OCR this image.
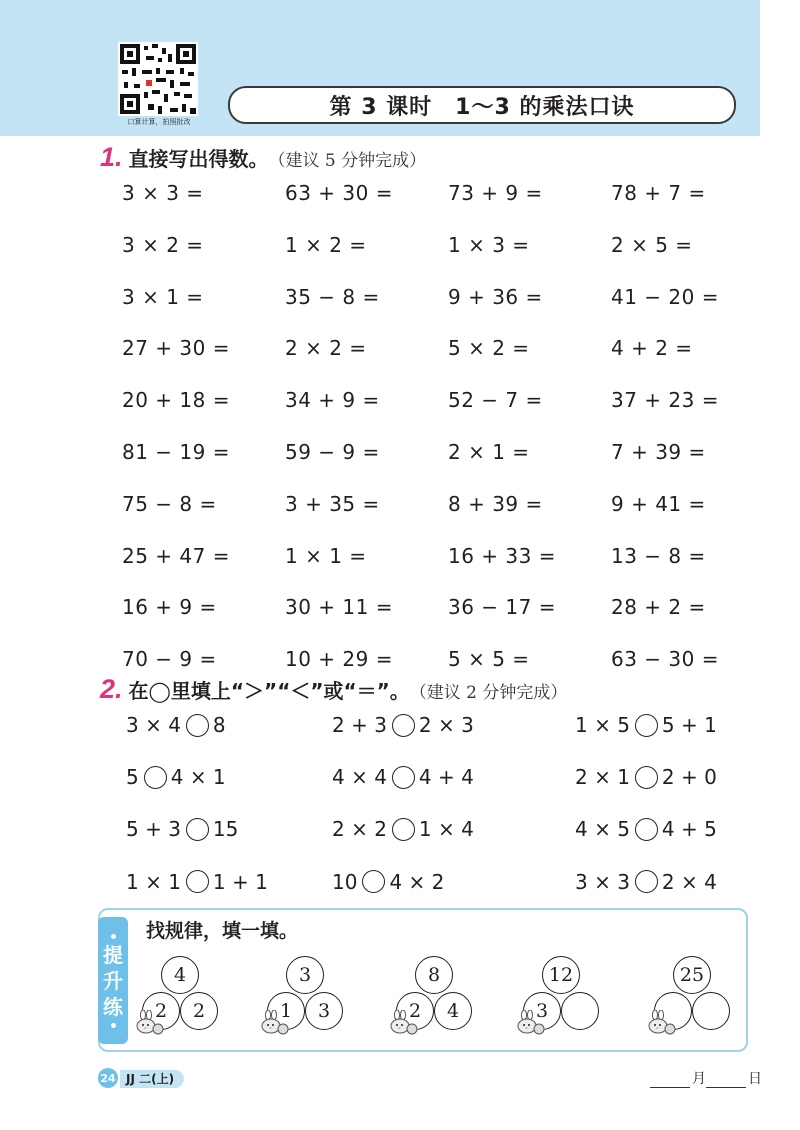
口算计算，拍照批改
第 3 课时　1～3 的乘法口诀
1. 直接写出得数。 （建议 5 分钟完成）
3 × 3 =	63 + 30 =	73 + 9 =	78 + 7 =
3 × 2 =	1 × 2 =	1 × 3 =	2 × 5 =
3 × 1 =	35 − 8 =	9 + 36 =	41 − 20 =
27 + 30 =	2 × 2 =	5 × 2 =	4 + 2 =
20 + 18 =	34 + 9 =	52 − 7 =	37 + 23 =
81 − 19 =	59 − 9 =	2 × 1 =	7 + 39 =
75 − 8 =	3 + 35 =	8 + 39 =	9 + 41 =
25 + 47 =	1 × 1 =	16 + 33 =	13 − 8 =
16 + 9 =	30 + 11 =	36 − 17 =	28 + 2 =
70 − 9 =	10 + 29 =	5 × 5 =	63 − 30 =
2. 在◯里填上“＞”“＜”或“＝”。 （建议 2 分钟完成）
3 × 4 8	2 + 3 2 × 3	1 × 5 5 + 1
5 4 × 1	4 × 4 4 + 4	2 × 1 2 + 0
5 + 3 15	2 × 2 1 × 4	4 × 5 4 + 5
1 × 1 1 + 1	10 4 × 2	3 × 3 2 × 4
提
升
练
找规律，填一填。
4
2	2
3
1	3
8
2	4
12
3
25
24 JJ 二(上)	月	日
